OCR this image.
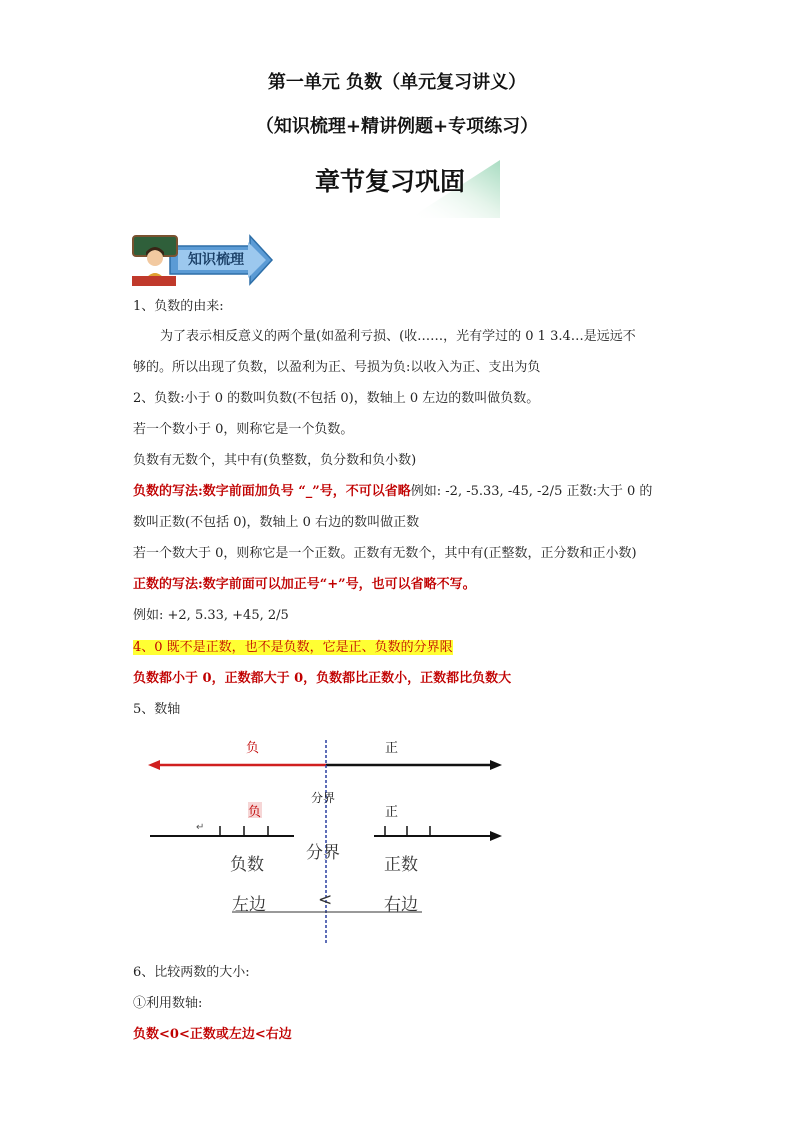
第一单元 负数（单元复习讲义）
（知识梳理+精讲例题+专项练习）
章节复习巩固
知识梳理
1、负数的由来:
为了表示相反意义的两个量(如盈利亏损、(收……，光有学过的 0 1 3.4…是远远不
够的。所以出现了负数，以盈利为正、号损为负:以收入为正、支出为负
2、负数:小于 0 的数叫负数(不包括 0)，数轴上 0 左边的数叫做负数。
若一个数小于 0，则称它是一个负数。
负数有无数个，其中有(负整数，负分数和负小数)
负数的写法:数字前面加负号 “_”号，不可以省略例如: -2, -5.33, -45, -2/5 正数:大于 0 的
数叫正数(不包括 0)，数轴上 0 右边的数叫做正数
若一个数大于 0，则称它是一个正数。正数有无数个，其中有(正整数，正分数和正小数)
正数的写法:数字前面可以加正号“+”号，也可以省略不写。
例如: +2, 5.33, +45, 2/5
4、0 既不是正数，也不是负数，它是正、负数的分界限
负数都小于 0，正数都大于 0，负数都比正数小，正数都比负数大
5、数轴
负	正
分界
负	正
负数
分界
正数
左边	<	右边
↵
6、比较两数的大小:
①利用数轴:
负数<0<正数或左边<右边
